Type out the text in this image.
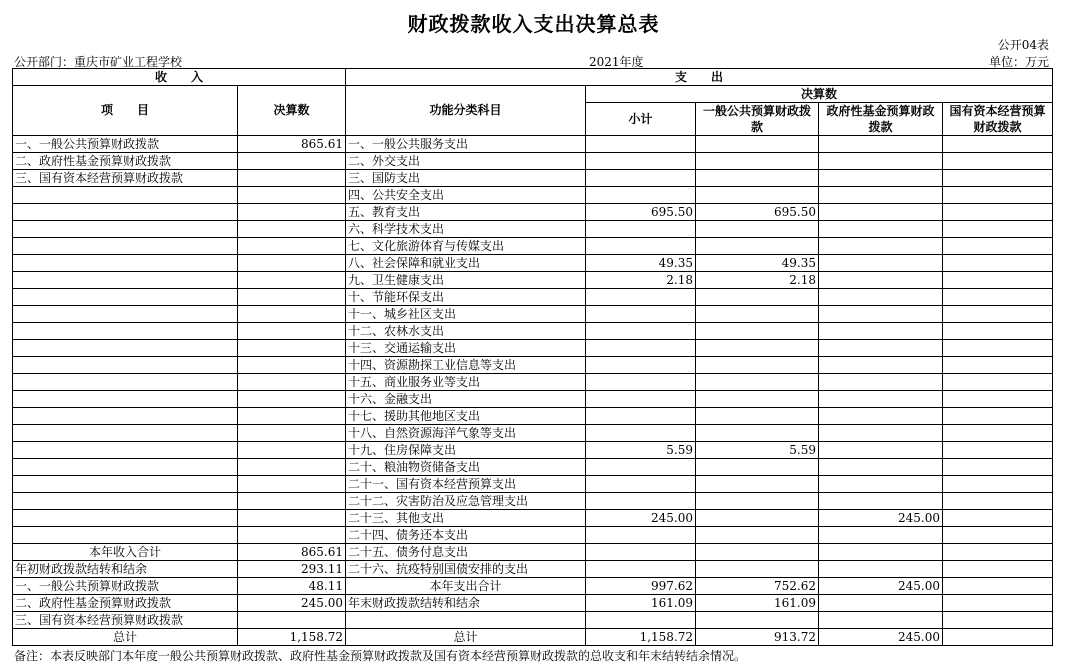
财政拨款收入支出决算总表
公开04表
公开部门：重庆市矿业工程学校	2021年度	单位：万元
收　　入		支　　出				
项　　目	决算数	功能分类科目	决算数			
			小计	一般公共预算财政拨款	政府性基金预算财政拨款	国有资本经营预算财政拨款

一、一般公共预算财政拨款	865.61	一、一般公共服务支出				
二、政府性基金预算财政拨款		二、外交支出				
三、国有资本经营预算财政拨款		三、国防支出				
		四、公共安全支出				
		五、教育支出	695.50	695.50		
		六、科学技术支出				
		七、文化旅游体育与传媒支出				
		八、社会保障和就业支出	49.35	49.35		
		九、卫生健康支出	2.18	2.18		
		十、节能环保支出				
		十一、城乡社区支出				
		十二、农林水支出				
		十三、交通运输支出				
		十四、资源勘探工业信息等支出				
		十五、商业服务业等支出				
		十六、金融支出				
		十七、援助其他地区支出				
		十八、自然资源海洋气象等支出				
		十九、住房保障支出	5.59	5.59		
		二十、粮油物资储备支出				
		二十一、国有资本经营预算支出				
		二十二、灾害防治及应急管理支出				
		二十三、其他支出	245.00		245.00	
		二十四、债务还本支出				
本年收入合计	865.61	二十五、债务付息支出				
年初财政拨款结转和结余	293.11	二十六、抗疫特别国债安排的支出				
一、一般公共预算财政拨款	48.11	本年支出合计	997.62	752.62	245.00	
二、政府性基金预算财政拨款	245.00	年末财政拨款结转和结余	161.09	161.09		
三、国有资本经营预算财政拨款						
总计	1,158.72	总计	1,158.72	913.72	245.00	
备注：本表反映部门本年度一般公共预算财政拨款、政府性基金预算财政拨款及国有资本经营预算财政拨款的总收支和年末结转结余情况。
